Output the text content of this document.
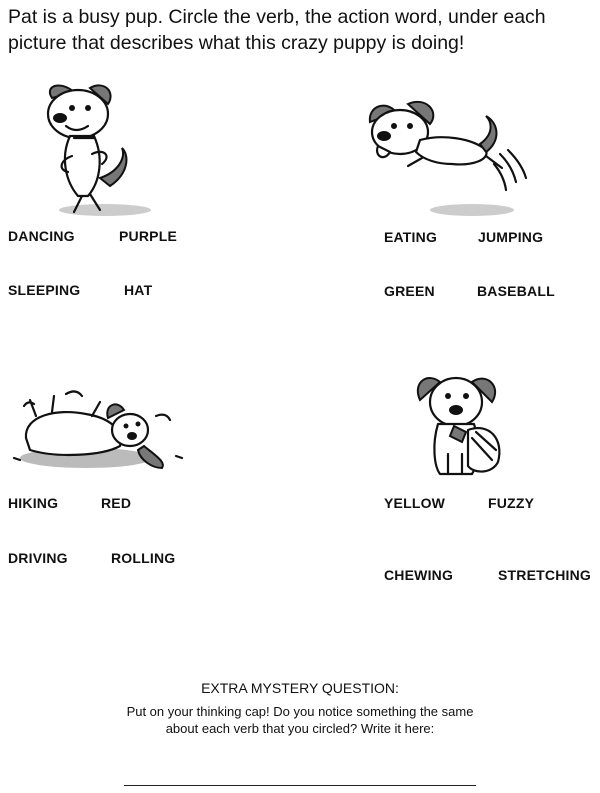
Pat is a busy pup. Circle the verb, the action word, under each picture that describes what this crazy puppy is doing!

DANCING	PURPLE
SLEEPING	HAT
EATING	JUMPING
GREEN	BASEBALL
HIKING	RED
DRIVING	ROLLING
YELLOW	FUZZY
CHEWING	STRETCHING
EXTRA MYSTERY QUESTION:
Put on your thinking cap! Do you notice something the same about each verb that you circled? Write it here:
